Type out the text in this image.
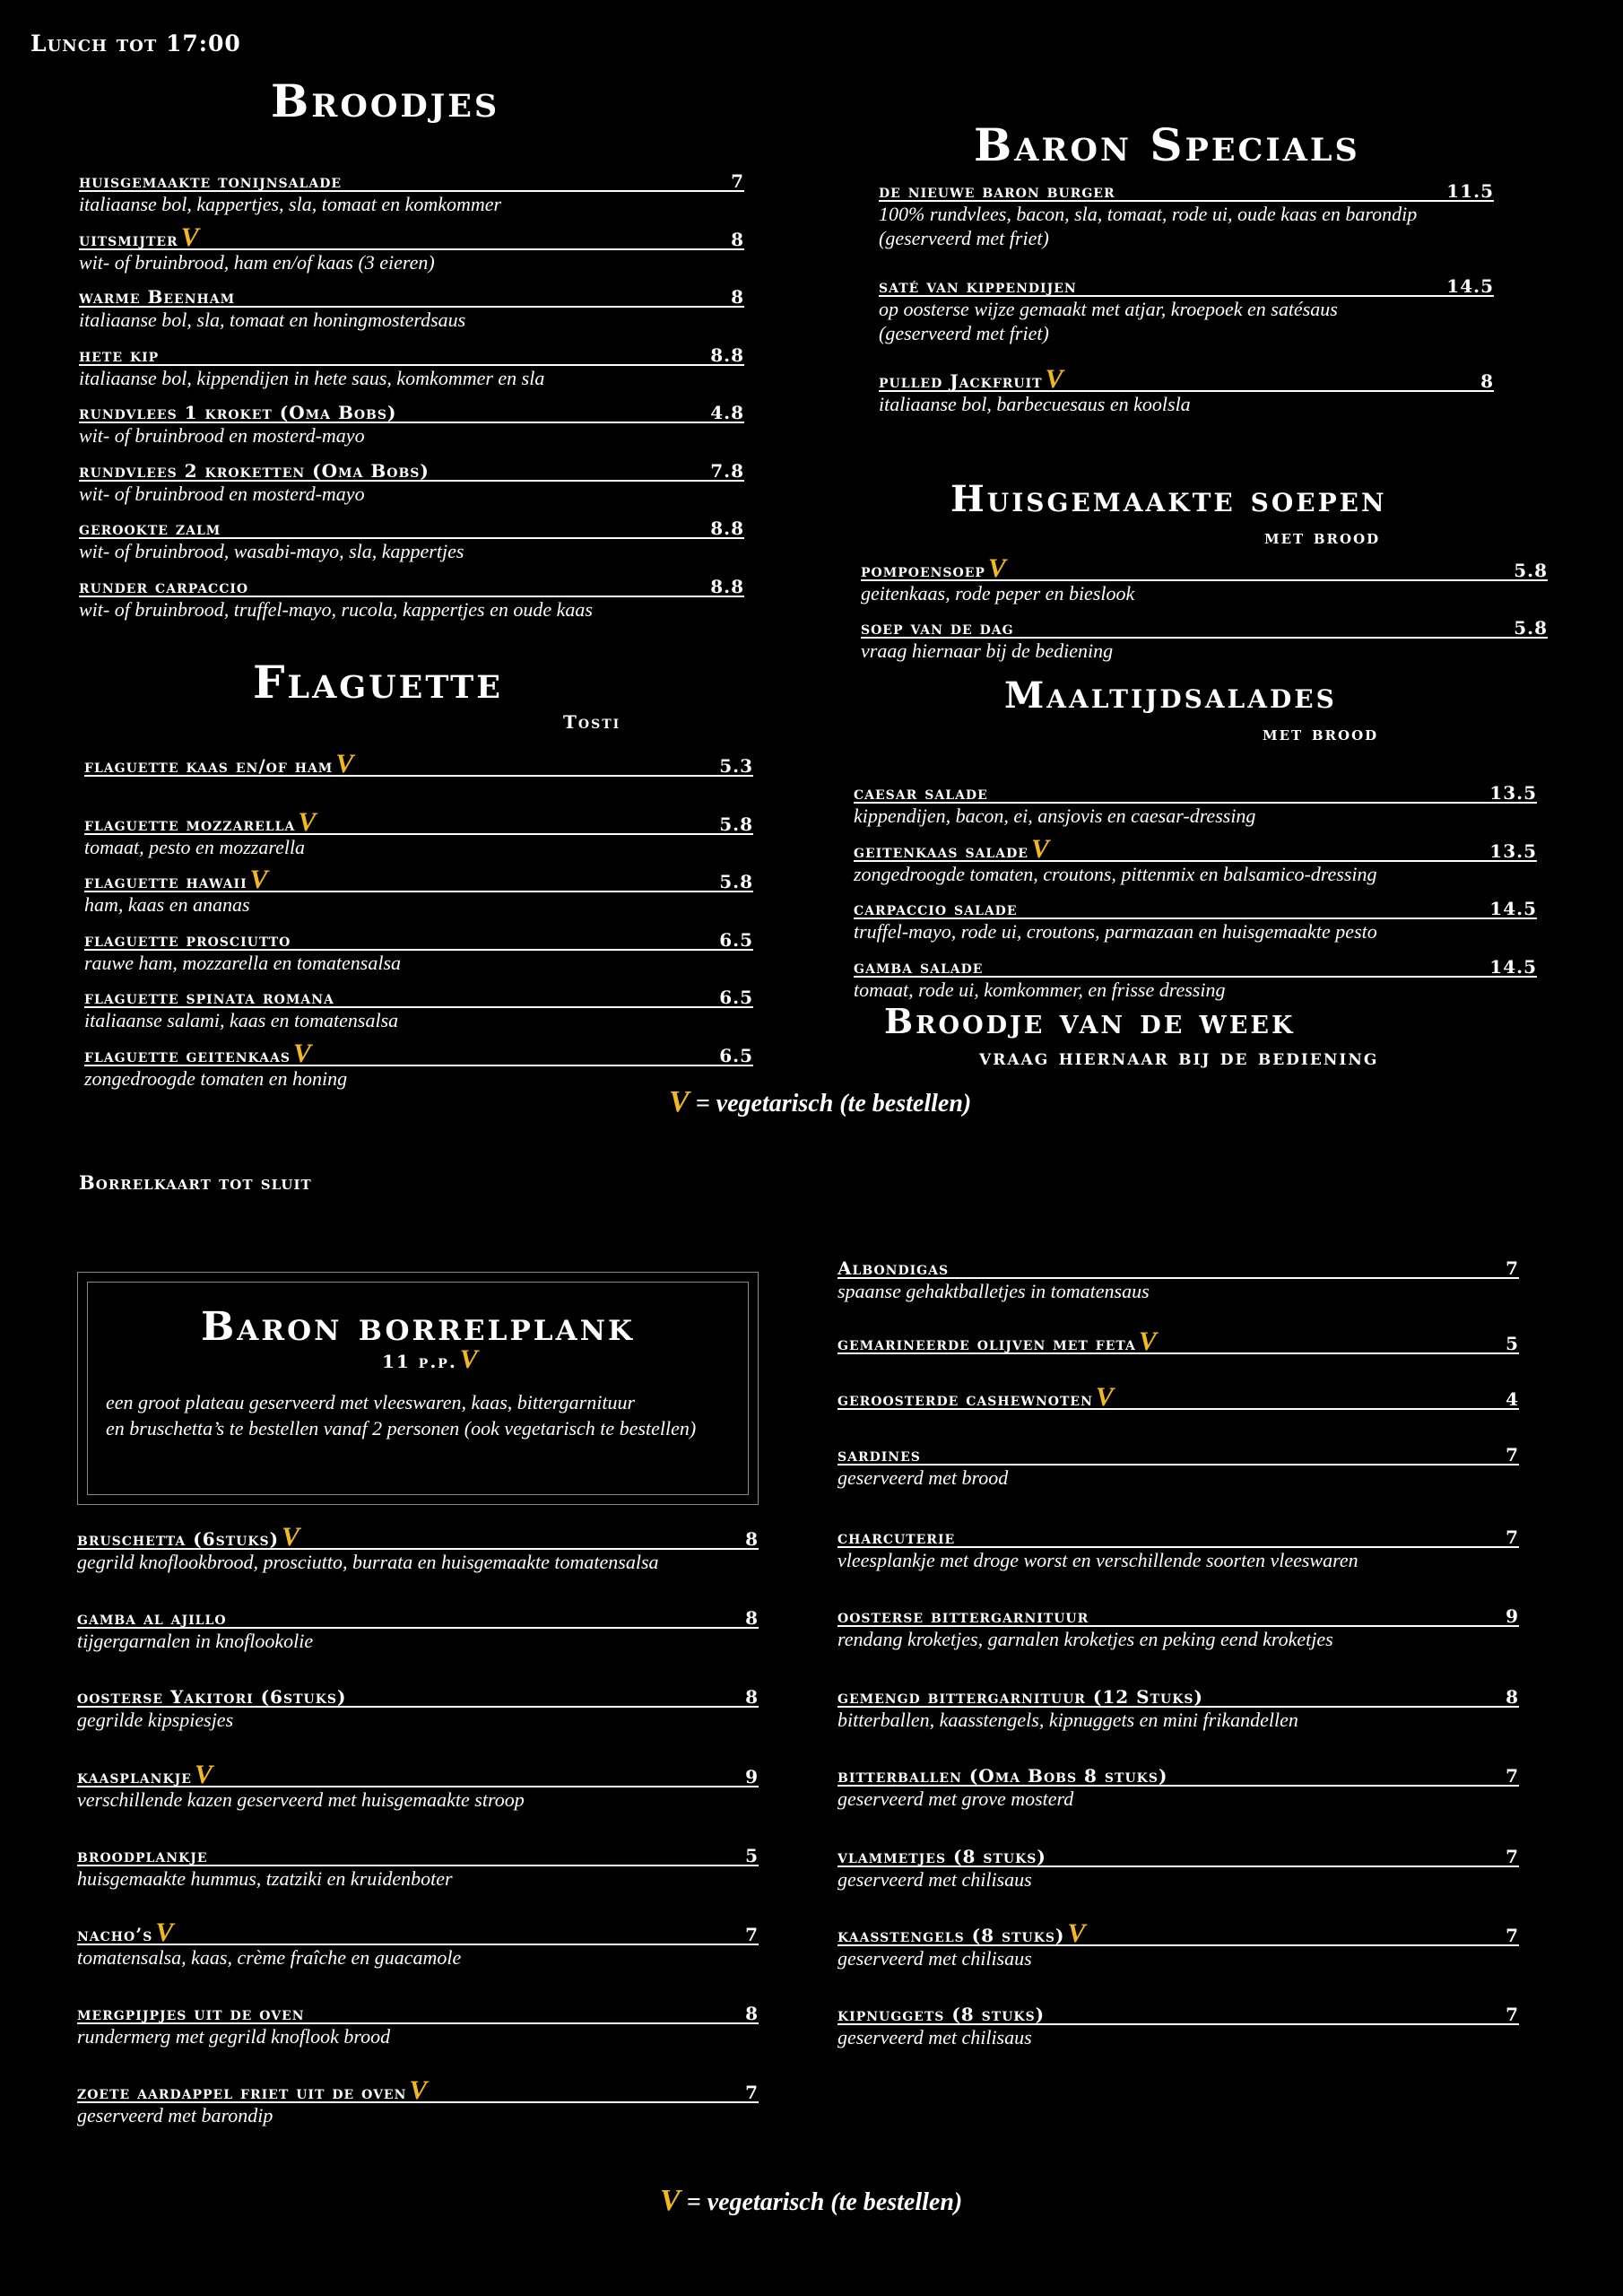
Lunch tot 17:00
Broodjes
huisgemaakte tonijnsalade	7
italiaanse bol, kappertjes, sla, tomaat en komkommer
uitsmijter V	8
wit- of bruinbrood, ham en/of kaas (3 eieren)
warme Beenham	8
italiaanse bol, sla, tomaat en honingmosterdsaus
hete kip	8.8
italiaanse bol, kippendijen in hete saus, komkommer en sla
rundvlees 1 kroket (Oma Bobs)	4.8
wit- of bruinbrood en mosterd-mayo
rundvlees 2 kroketten (Oma Bobs)	7.8
wit- of bruinbrood en mosterd-mayo
gerookte zalm	8.8
wit- of bruinbrood, wasabi-mayo, sla, kappertjes
runder carpaccio	8.8
wit- of bruinbrood, truffel-mayo, rucola, kappertjes en oude kaas
Flaguette
Tosti
flaguette kaas en/of ham V	5.3
flaguette mozzarella V	5.8
tomaat, pesto en mozzarella
flaguette hawaii V	5.8
ham, kaas en ananas
flaguette prosciutto	6.5
rauwe ham, mozzarella en tomatensalsa
flaguette spinata romana	6.5
italiaanse salami, kaas en tomatensalsa
flaguette geitenkaas V	6.5
zongedroogde tomaten en honing
Baron Specials
de nieuwe baron burger	11.5
100% rundvlees, bacon, sla, tomaat, rode ui, oude kaas en barondip
(geserveerd met friet)
saté van kippendijen	14.5
op oosterse wijze gemaakt met atjar, kroepoek en satésaus
(geserveerd met friet)
pulled Jackfruit V	8
italiaanse bol, barbecuesaus en koolsla
Huisgemaakte soepen
met brood
pompoensoep V	5.8
geitenkaas, rode peper en bieslook
soep van de dag	5.8
vraag hiernaar bij de bediening
Maaltijdsalades
met brood
caesar salade	13.5
kippendijen, bacon, ei, ansjovis en caesar-dressing
geitenkaas salade V	13.5
zongedroogde tomaten, croutons, pittenmix en balsamico-dressing
carpaccio salade	14.5
truffel-mayo, rode ui, croutons, parmazaan en huisgemaakte pesto
gamba salade	14.5
tomaat, rode ui, komkommer, en frisse dressing
Broodje van de week
vraag hiernaar bij de bediening
V = vegetarisch (te bestellen)
Borrelkaart tot sluit
Baron borrelplank
11 p.p. V
een groot plateau geserveerd met vleeswaren, kaas, bittergarnituur
en bruschetta’s te bestellen vanaf 2 personen (ook vegetarisch te bestellen)
bruschetta (6stuks) V	8
gegrild knoflookbrood, prosciutto, burrata en huisgemaakte tomatensalsa
gamba al ajillo	8
tijgergarnalen in knoflookolie
oosterse Yakitori (6stuks)	8
gegrilde kipspiesjes
kaasplankje V	9
verschillende kazen geserveerd met huisgemaakte stroop
broodplankje	5
huisgemaakte hummus, tzatziki en kruidenboter
nacho’s V	7
tomatensalsa, kaas, crème fraîche en guacamole
mergpijpjes uit de oven	8
rundermerg met gegrild knoflook brood
zoete aardappel friet uit de oven V	7
geserveerd met barondip
Albondigas	7
spaanse gehaktballetjes in tomatensaus
gemarineerde olijven met feta V	5
geroosterde cashewnoten V	4
sardines	7
geserveerd met brood
charcuterie	7
vleesplankje met droge worst en verschillende soorten vleeswaren
oosterse bittergarnituur	9
rendang kroketjes, garnalen kroketjes en peking eend kroketjes
gemengd bittergarnituur (12 Stuks)	8
bitterballen, kaasstengels, kipnuggets en mini frikandellen
bitterballen (Oma Bobs 8 stuks)	7
geserveerd met grove mosterd
vlammetjes (8 stuks)	7
geserveerd met chilisaus
kaasstengels (8 stuks) V	7
geserveerd met chilisaus
kipnuggets (8 stuks)	7
geserveerd met chilisaus
V = vegetarisch (te bestellen)
